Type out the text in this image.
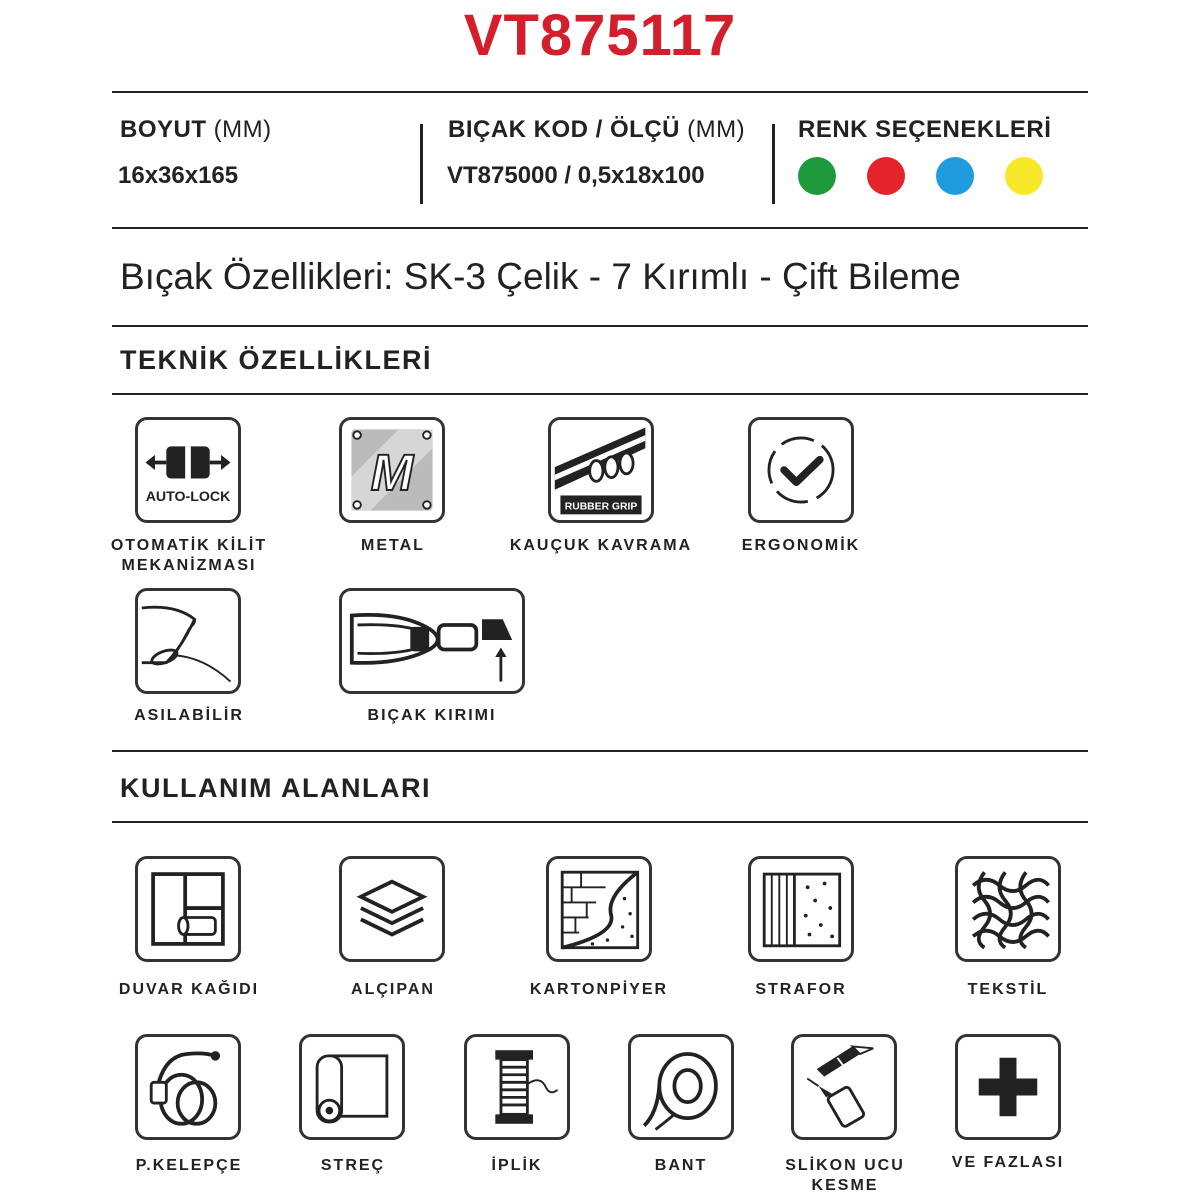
VT875117
BOYUT (MM)
16x36x165
BIÇAK KOD / ÖLÇÜ (MM)
VT875000 / 0,5x18x100
RENK SEÇENEKLERİ
Bıçak Özellikleri: SK-3 Çelik - 7 Kırımlı - Çift Bileme
TEKNİK ÖZELLİKLERİ
AUTO-LOCK	M
RUBBER GRIP
OTOMATİK KİLİT
MEKANİZMASI
METAL	KAUÇUK KAVRAMA	ERGONOMİK
ASILABİLİR	BIÇAK KIRIMI
KULLANIM ALANLARI
DUVAR KAĞIDI	ALÇIPAN	KARTONPİYER	STRAFOR	TEKSTİL
P.KELEPÇE	STREÇ	İPLİK	BANT	SLİKON UCU
KESME
VE FAZLASI
